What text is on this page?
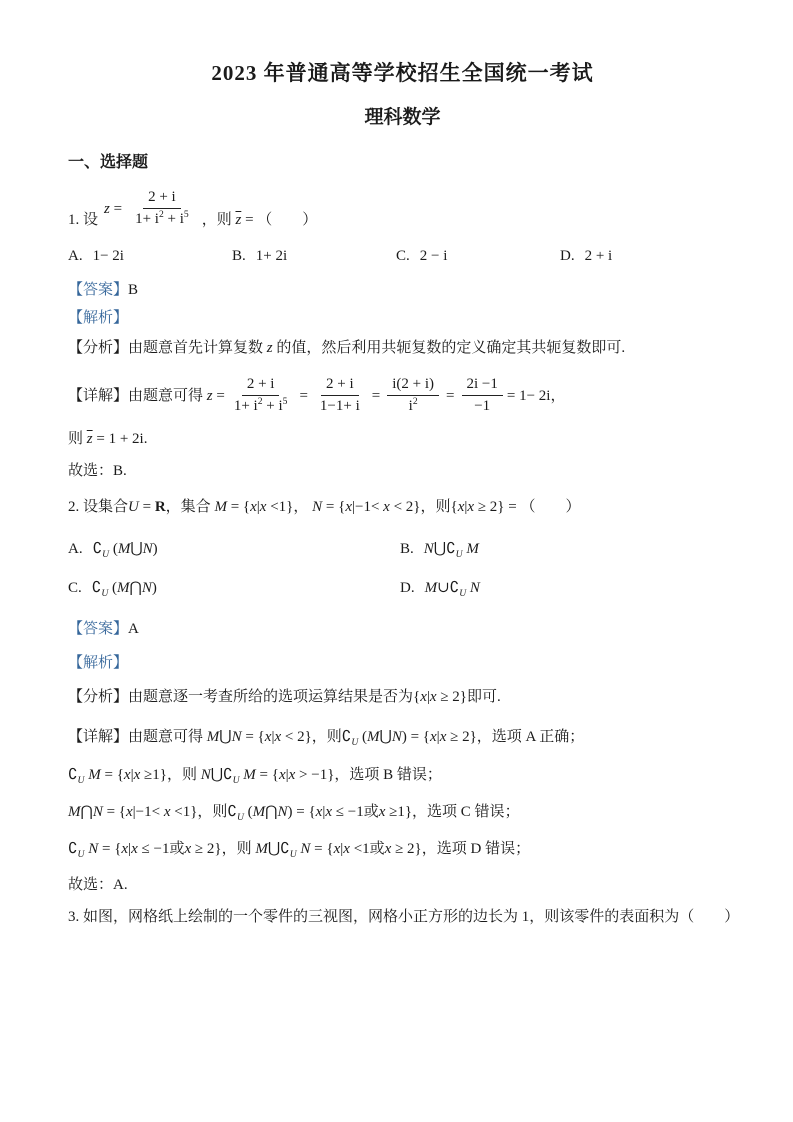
2023 年普通高等学校招生全国统一考试
理科数学
一、选择题
1. 设
$z = \frac{2 + i}{1+ i^2 + i^5}$ ，则 $\overline{z}$ = （　　）
A. 1− 2i	B. 1+ 2i	C. 2 − i	D. 2 + i
【答案】B
【解析】
【分析】由题意首先计算复数 z 的值，然后利用共轭复数的定义确定其共轭复数即可.
【详解】由题意可得 $z = \frac{2 + i}{1+ i^2 + i^5} = \frac{2 + i}{1-1+ i} = \frac{i(2 + i)}{i^2} = \frac{2i -1}{-1} = 1- 2i$，
则 $\overline{z} = 1 + 2i$.
故选：B.
2. 设集合U = R，集合 M = {x|x <1}， N = {x|−1< x < 2}，则{x|x ≥ 2} = （　　）
A. $∁_U$ (M⋃N)	B. $N⋃∁_U$ M
C. $∁_U$ (M⋂N)	D. $M\cup∁_U$ N
【答案】A
【解析】
【分析】由题意逐一考查所给的选项运算结果是否为{x|x ≥ 2}即可.
【详解】由题意可得 M⋃N = {x|x < 2}，则$∁_U$ (M⋃N) = {x|x ≥ 2}，选项 A 正确；
$∁_U$ M = {x|x ≥1}，则 $N⋃∁_U$ M = {x|x > −1}，选项 B 错误；
M⋂N = {x|−1< x <1}，则$∁_U$ (M⋂N) = {x|x ≤ −1或x ≥1}，选项 C 错误；
$∁_U$ N = {x|x ≤ −1或x ≥ 2}，则 $M⋃∁_U$ N = {x|x <1或x ≥ 2}，选项 D 错误；
故选：A.
3. 如图，网格纸上绘制的一个零件的三视图，网格小正方形的边长为 1，则该零件的表面积为（　　）
